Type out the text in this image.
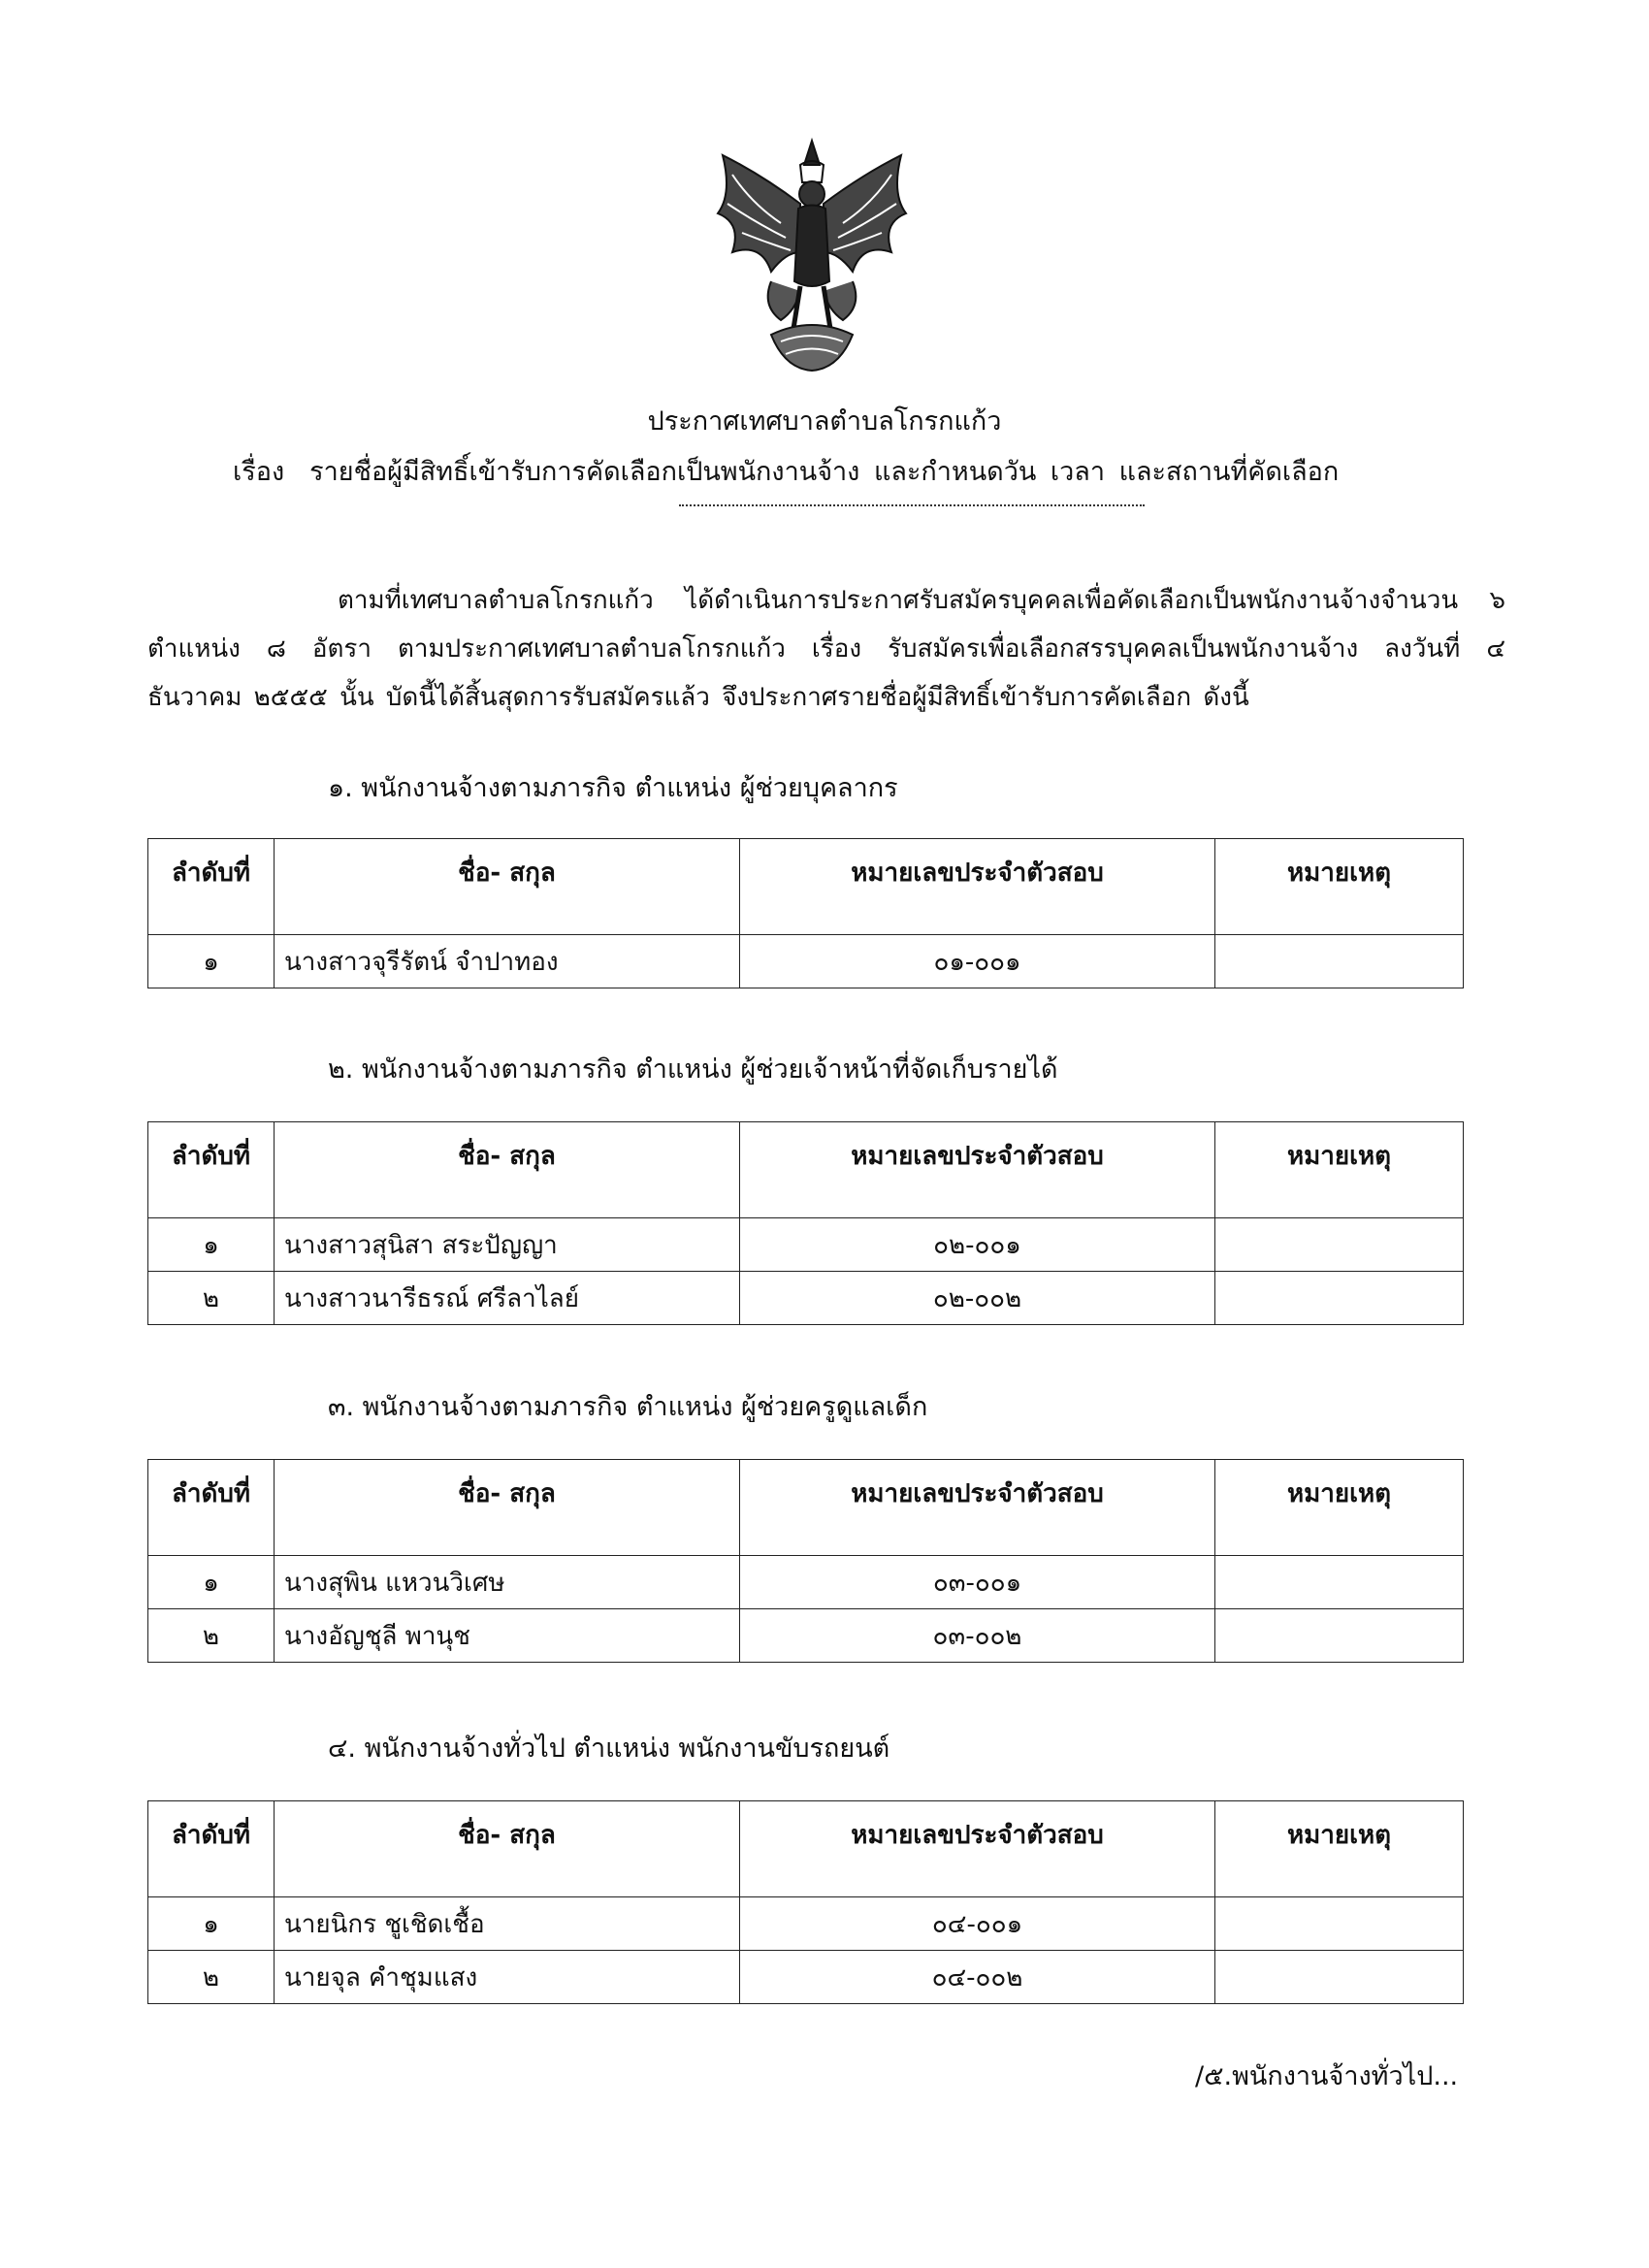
ประกาศเทศบาลตำบลโกรกแก้ว
เรื่อง รายชื่อผู้มีสิทธิ์เข้ารับการคัดเลือกเป็นพนักงานจ้าง และกำหนดวัน เวลา และสถานที่คัดเลือก
ตามที่เทศบาลตำบลโกรกแก้ว ได้ดำเนินการประกาศรับสมัครบุคคลเพื่อคัดเลือกเป็นพนักงานจ้างจำนวน ๖ ตำแหน่ง ๘ อัตรา ตามประกาศเทศบาลตำบลโกรกแก้ว เรื่อง รับสมัครเพื่อเลือกสรรบุคคลเป็นพนักงานจ้าง ลงวันที่ ๔ ธันวาคม ๒๕๕๕ นั้น บัดนี้ได้สิ้นสุดการรับสมัครแล้ว จึงประกาศรายชื่อผู้มีสิทธิ์เข้ารับการคัดเลือก ดังนี้
๑. พนักงานจ้างตามภารกิจ ตำแหน่ง ผู้ช่วยบุคลากร
ลำดับที่	ชื่อ- สกุล	หมายเลขประจำตัวสอบ	หมายเหตุ
๑	นางสาวจุรีรัตน์ จำปาทอง	๐๑-๐๐๑	
๒. พนักงานจ้างตามภารกิจ ตำแหน่ง ผู้ช่วยเจ้าหน้าที่จัดเก็บรายได้
ลำดับที่	ชื่อ- สกุล	หมายเลขประจำตัวสอบ	หมายเหตุ
๑	นางสาวสุนิสา สระปัญญา	๐๒-๐๐๑	
๒	นางสาวนารีธรณ์ ศรีลาไลย์	๐๒-๐๐๒	
๓. พนักงานจ้างตามภารกิจ ตำแหน่ง ผู้ช่วยครูดูแลเด็ก
ลำดับที่	ชื่อ- สกุล	หมายเลขประจำตัวสอบ	หมายเหตุ
๑	นางสุพิน แหวนวิเศษ	๐๓-๐๐๑	
๒	นางอัญชุลี พานุช	๐๓-๐๐๒	
๔. พนักงานจ้างทั่วไป ตำแหน่ง พนักงานขับรถยนต์
ลำดับที่	ชื่อ- สกุล	หมายเลขประจำตัวสอบ	หมายเหตุ
๑	นายนิกร ชูเชิดเชื้อ	๐๔-๐๐๑	
๒	นายจุล คำชุมแสง	๐๔-๐๐๒	
/๕.พนักงานจ้างทั่วไป...
